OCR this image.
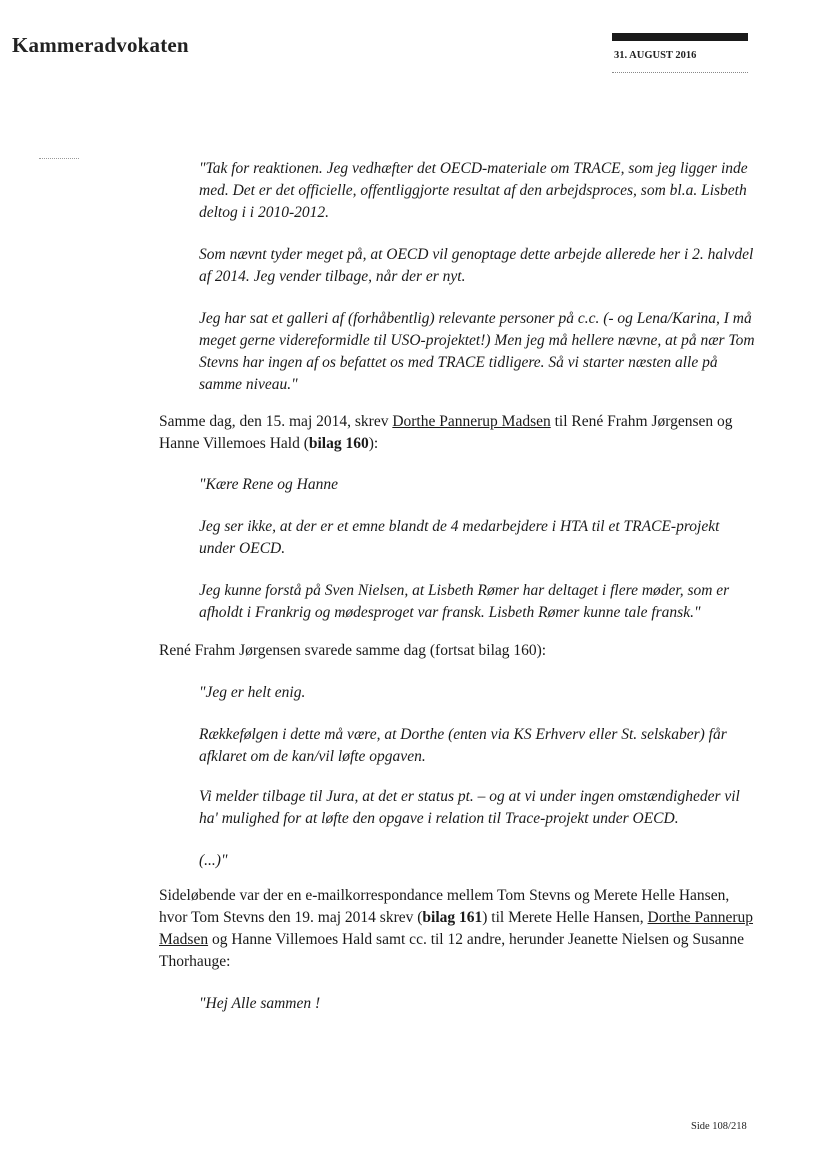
Kammeradvokaten	31. AUGUST 2016

"Tak for reaktionen. Jeg vedhæfter det OECD-materiale om TRACE, som jeg ligger inde med. Det er det officielle, offentliggjorte resultat af den arbejdsproces, som bl.a. Lisbeth deltog i i 2010-2012.

Som nævnt tyder meget på, at OECD vil genoptage dette arbejde allerede her i 2. halvdel af 2014. Jeg vender tilbage, når der er nyt.

Jeg har sat et galleri af (forhåbentlig) relevante personer på c.c. (- og Lena/Karina, I må meget gerne videreformidle til USO-projektet!) Men jeg må hellere nævne, at på nær Tom Stevns har ingen af os befattet os med TRACE tidligere. Så vi starter næsten alle på samme niveau."

Samme dag, den 15. maj 2014, skrev Dorthe Pannerup Madsen til René Frahm Jørgensen og Hanne Villemoes Hald (bilag 160):

"Kære Rene og Hanne

Jeg ser ikke, at der er et emne blandt de 4 medarbejdere i HTA til et TRACE-projekt under OECD.

Jeg kunne forstå på Sven Nielsen, at Lisbeth Rømer har deltaget i flere møder, som er afholdt i Frankrig og mødesproget var fransk. Lisbeth Rømer kunne tale fransk."

René Frahm Jørgensen svarede samme dag (fortsat bilag 160):

"Jeg er helt enig.

Rækkefølgen i dette må være, at Dorthe (enten via KS Erhverv eller St. selskaber) får afklaret om de kan/vil løfte opgaven.

Vi melder tilbage til Jura, at det er status pt. – og at vi under ingen omstændigheder vil ha' mulighed for at løfte den opgave i relation til Trace-projekt under OECD.

(...)"

Sideløbende var der en e-mailkorrespondance mellem Tom Stevns og Merete Helle Hansen, hvor Tom Stevns den 19. maj 2014 skrev (bilag 161) til Merete Helle Hansen, Dorthe Pannerup Madsen og Hanne Villemoes Hald samt cc. til 12 andre, herunder Jeanette Nielsen og Susanne Thorhauge:

"Hej Alle sammen !

Side 108/218
